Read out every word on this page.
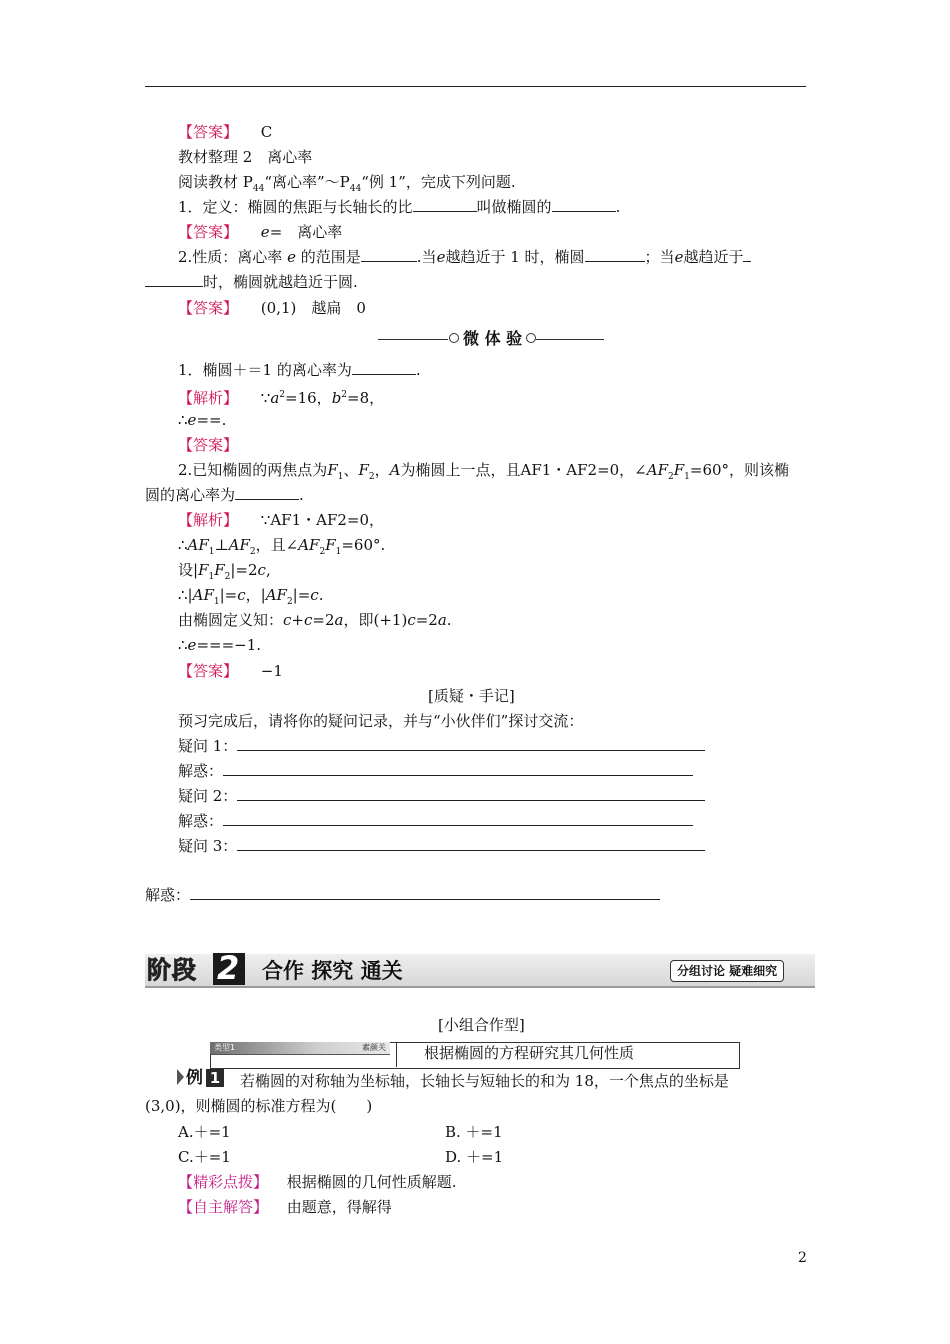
【答案】 C
教材整理 2　离心率
阅读教材 $P_{44}“$离心率$”\sim P_{44}“$例 1”，完成下列问题.
1．定义：椭圆的焦距与长轴长的比	叫做椭圆的	.
【答案】 e=　离心率
2.性质：离心率 e 的范围是	.当e越趋近于 1 时，椭圆	；当e越趋近于
时，椭圆就越趋近于圆.
【答案】 (0,1)　越扁　0
微 体 验
1．椭圆＋＝1 的离心率为	.
【解析】 $\because a^2=16$，$b^2=8$，
∴e==.
【答案】
2.已知椭圆的两焦点为$F_1$、$F_2$，A为椭圆上一点，且AF1・AF2=0，$\angle AF_2F_1=60^\circ$，则该椭
圆的离心率为	.
【解析】 ∵AF1・AF2=0，
$\therefore AF_1\perp AF_2$，且$\angle AF_2F_1=60^\circ$.
设$|F_1F_2|=2c$,
$\therefore|AF_1|=c$，$|AF_2|=c$.
由椭圆定义知：c+c=2a，即(+1)c=2a.
∴e===−1.
【答案】 −1
[质疑・手记]
预习完成后，请将你的疑问记录，并与“小伙伴们”探讨交流：
疑问 1：
解惑：
疑问 2：
解惑：
疑问 3：
解惑：
阶段 2 合作 探究 通关	分组讨论 疑难细究
[小组合作型]
类型1	素颜关	根据椭圆的方程研究其几何性质
例 1 若椭圆的对称轴为坐标轴，长轴长与短轴长的和为 18，一个焦点的坐标是
(3,0)，则椭圆的标准方程为(　　)
A.＋=1	B. ＋=1
C.＋=1	D. ＋=1
【精彩点拨】 根据椭圆的几何性质解题.
【自主解答】 由题意，得解得
2
